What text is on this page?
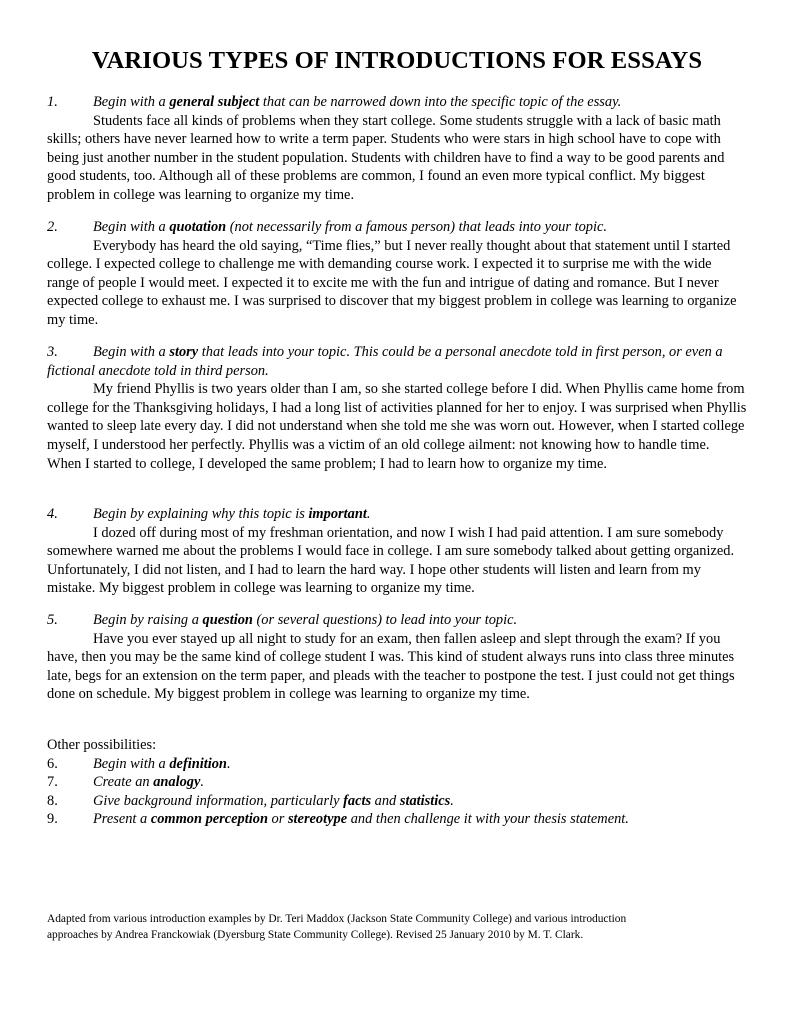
VARIOUS TYPES OF INTRODUCTIONS FOR ESSAYS
1. Begin with a general subject that can be narrowed down into the specific topic of the essay.

Students face all kinds of problems when they start college. Some students struggle with a lack of basic math skills; others have never learned how to write a term paper. Students who were stars in high school have to cope with being just another number in the student population. Students with children have to find a way to be good parents and good students, too. Although all of these problems are common, I found an even more typical conflict. My biggest problem in college was learning to organize my time.

2. Begin with a quotation (not necessarily from a famous person) that leads into your topic.

Everybody has heard the old saying, “Time flies,” but I never really thought about that statement until I started college. I expected college to challenge me with demanding course work. I expected it to surprise me with the wide range of people I would meet. I expected it to excite me with the fun and intrigue of dating and romance. But I never expected college to exhaust me. I was surprised to discover that my biggest problem in college was learning to organize my time.

3. Begin with a story that leads into your topic. This could be a personal anecdote told in first person, or even a fictional anecdote told in third person.

My friend Phyllis is two years older than I am, so she started college before I did. When Phyllis came home from college for the Thanksgiving holidays, I had a long list of activities planned for her to enjoy. I was surprised when Phyllis wanted to sleep late every day. I did not understand when she told me she was worn out. However, when I started college myself, I understood her perfectly. Phyllis was a victim of an old college ailment: not knowing how to handle time. When I started to college, I developed the same problem; I had to learn how to organize my time.

4. Begin by explaining why this topic is important.

I dozed off during most of my freshman orientation, and now I wish I had paid attention. I am sure somebody somewhere warned me about the problems I would face in college. I am sure somebody talked about getting organized. Unfortunately, I did not listen, and I had to learn the hard way. I hope other students will listen and learn from my mistake. My biggest problem in college was learning to organize my time.

5. Begin by raising a question (or several questions) to lead into your topic.

Have you ever stayed up all night to study for an exam, then fallen asleep and slept through the exam? If you have, then you may be the same kind of college student I was. This kind of student always runs into class three minutes late, begs for an extension on the term paper, and pleads with the teacher to postpone the test. I just could not get things done on schedule. My biggest problem in college was learning to organize my time.

Other possibilities:

6. Begin with a definition.

7. Create an analogy.

8. Give background information, particularly facts and statistics.

9. Present a common perception or stereotype and then challenge it with your thesis statement.

Adapted from various introduction examples by Dr. Teri Maddox (Jackson State Community College) and various introduction
approaches by Andrea Franckowiak (Dyersburg State Community College). Revised 25 January 2010 by M. T. Clark.
